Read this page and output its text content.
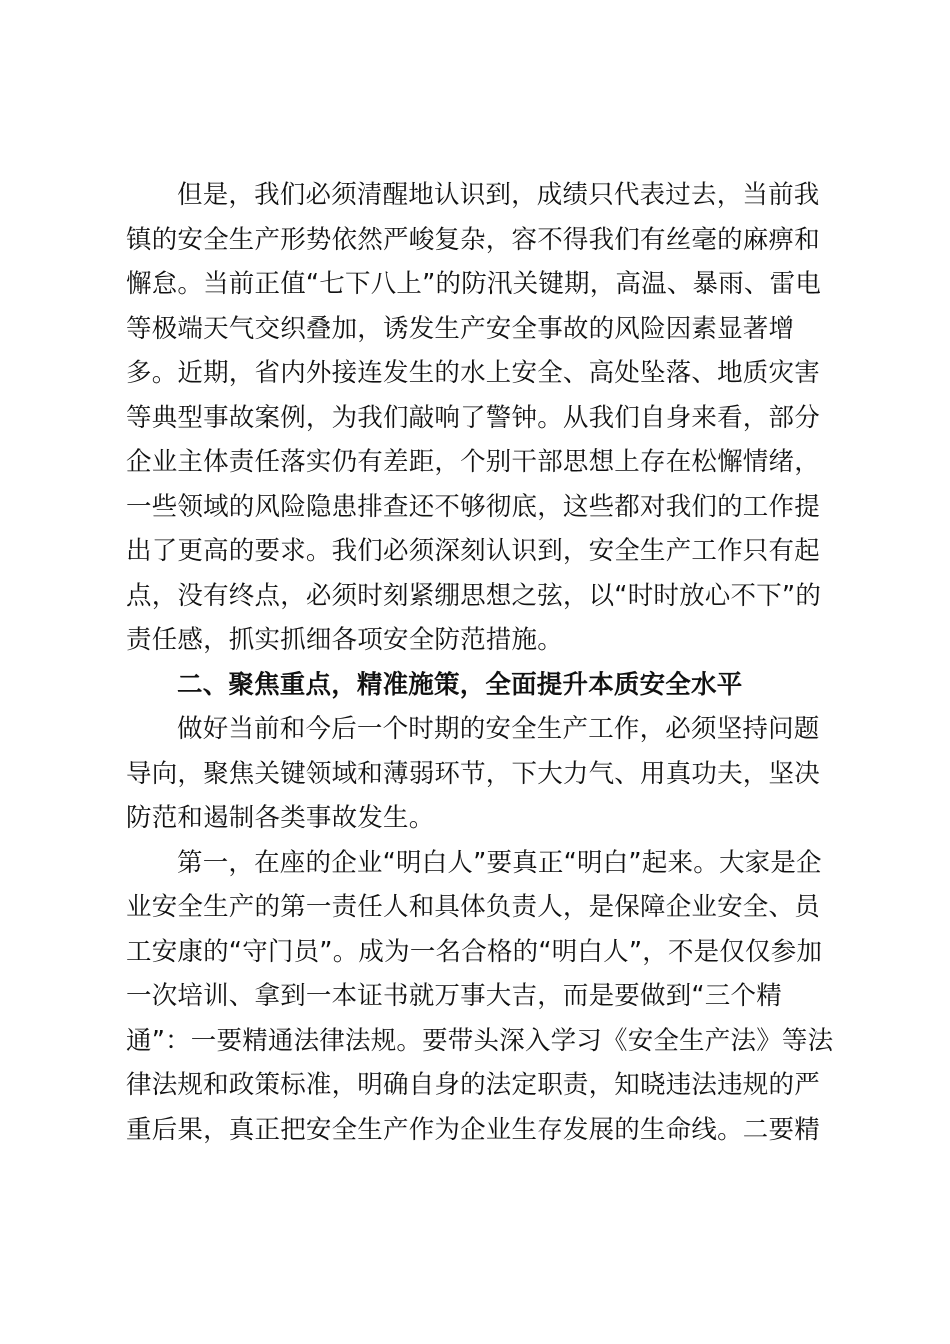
但是，我们必须清醒地认识到，成绩只代表过去，当前我
镇的安全生产形势依然严峻复杂，容不得我们有丝毫的麻痹和
懈怠。当前正值“七下八上”的防汛关键期，高温、暴雨、雷电
等极端天气交织叠加，诱发生产安全事故的风险因素显著增
多。近期，省内外接连发生的水上安全、高处坠落、地质灾害
等典型事故案例，为我们敲响了警钟。从我们自身来看，部分
企业主体责任落实仍有差距，个别干部思想上存在松懈情绪，
一些领域的风险隐患排查还不够彻底，这些都对我们的工作提
出了更高的要求。我们必须深刻认识到，安全生产工作只有起
点，没有终点，必须时刻紧绷思想之弦，以“时时放心不下”的
责任感，抓实抓细各项安全防范措施。
二、聚焦重点，精准施策，全面提升本质安全水平
做好当前和今后一个时期的安全生产工作，必须坚持问题
导向，聚焦关键领域和薄弱环节，下大力气、用真功夫，坚决
防范和遏制各类事故发生。
第一，在座的企业“明白人”要真正“明白”起来。大家是企
业安全生产的第一责任人和具体负责人，是保障企业安全、员
工安康的“守门员”。成为一名合格的“明白人”，不是仅仅参加
一次培训、拿到一本证书就万事大吉，而是要做到“三个精
通”：一要精通法律法规。要带头深入学习《安全生产法》等法
律法规和政策标准，明确自身的法定职责，知晓违法违规的严
重后果，真正把安全生产作为企业生存发展的生命线。二要精
